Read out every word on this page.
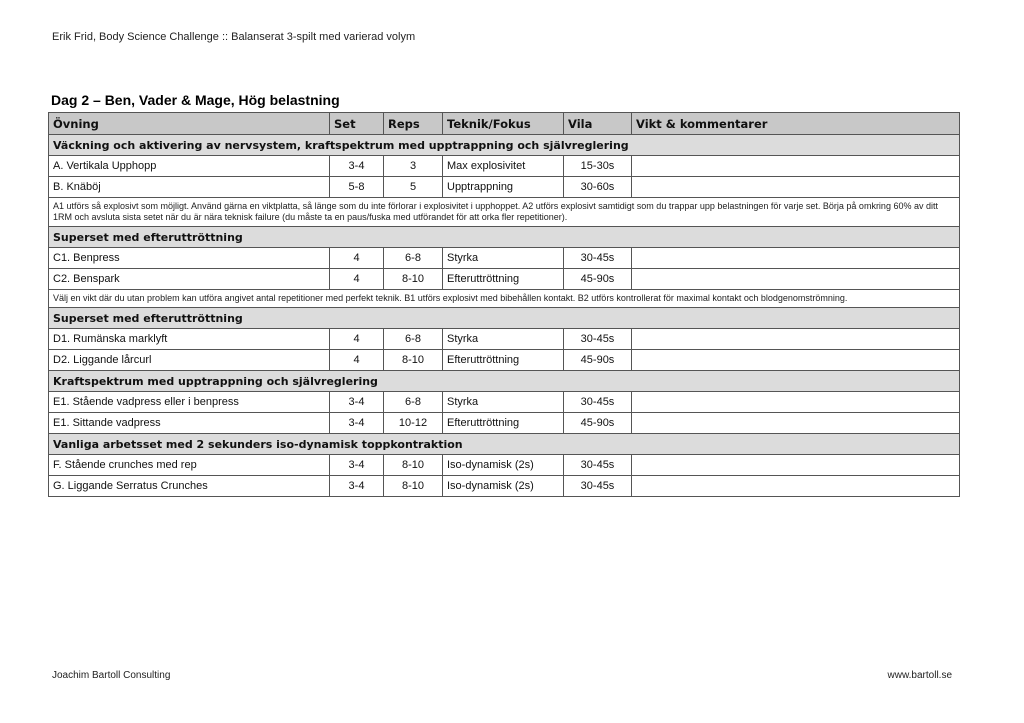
Erik Frid, Body Science Challenge :: Balanserat 3-spilt med varierad volym
Dag 2 – Ben, Vader & Mage, Hög belastning
Övning	Set	Reps	Teknik/Fokus	Vila	Vikt & kommentarer
Väckning och aktivering av nervsystem, kraftspektrum med upptrappning och självreglering					
A. Vertikala Upphopp	3-4	3	Max explosivitet	15-30s	
B. Knäböj	5-8	5	Upptrappning	30-60s	
A1 utförs så explosivt som möjligt. Använd gärna en viktplatta, så länge som du inte förlorar i explosivitet i upphoppet. A2 utförs explosivt samtidigt som du trappar upp belastningen för varje set. Börja på omkring 60% av ditt 1RM och avsluta sista setet när du är nära teknisk failure (du måste ta en paus/fuska med utförandet för att orka fler repetitioner).					
Superset med efteruttröttning					
C1. Benpress	4	6-8	Styrka	30-45s	
C2. Benspark	4	8-10	Efteruttröttning	45-90s	
Välj en vikt där du utan problem kan utföra angivet antal repetitioner med perfekt teknik. B1 utförs explosivt med bibehållen kontakt. B2 utförs kontrollerat för maximal kontakt och blodgenomströmning.					
Superset med efteruttröttning					
D1. Rumänska marklyft	4	6-8	Styrka	30-45s	
D2. Liggande lårcurl	4	8-10	Efteruttröttning	45-90s	
Kraftspektrum med upptrappning och självreglering					
E1. Stående vadpress eller i benpress	3-4	6-8	Styrka	30-45s	
E1. Sittande vadpress	3-4	10-12	Efteruttröttning	45-90s	
Vanliga arbetsset med 2 sekunders iso-dynamisk toppkontraktion					
F. Stående crunches med rep	3-4	8-10	Iso-dynamisk (2s)	30-45s	
G. Liggande Serratus Crunches	3-4	8-10	Iso-dynamisk (2s)	30-45s	
Joachim Bartoll Consulting	www.bartoll.se
